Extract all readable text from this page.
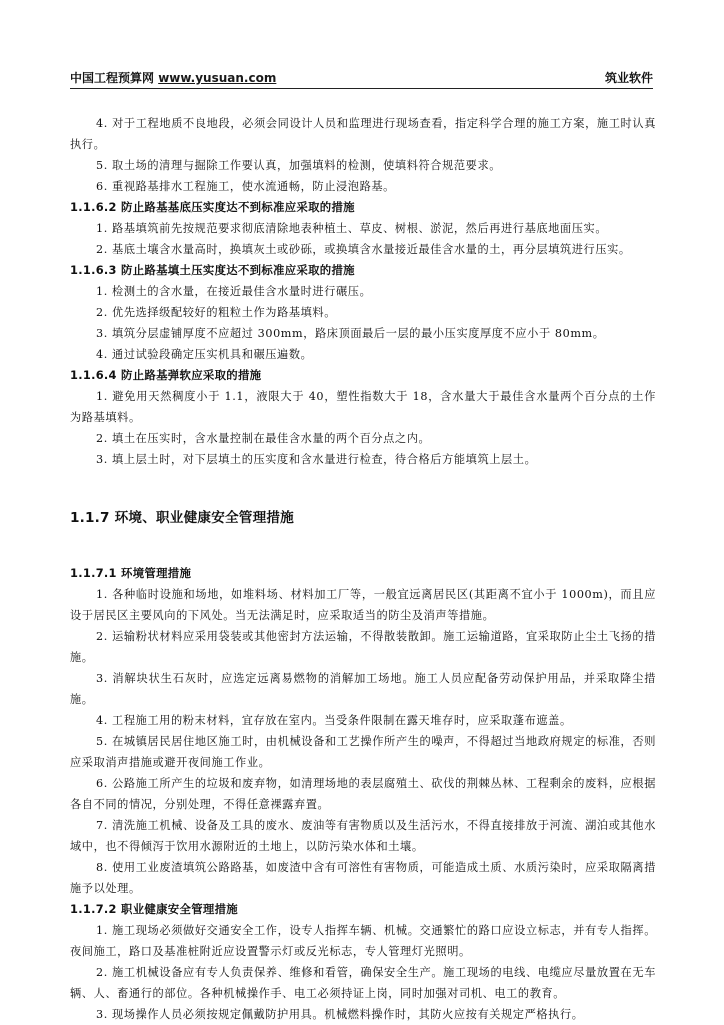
中国工程预算网 www.yusuan.com	筑业软件

4. 对于工程地质不良地段，必须会同设计人员和监理进行现场查看，指定科学合理的施工方案，施工时认真执行。

5. 取土场的清理与掘除工作要认真，加强填料的检测，使填料符合规范要求。

6. 重视路基排水工程施工，使水流通畅，防止浸泡路基。

1.1.6.2 防止路基基底压实度达不到标准应采取的措施

1. 路基填筑前先按规范要求彻底清除地表种植土、草皮、树根、淤泥，然后再进行基底地面压实。

2. 基底土壤含水量高时，换填灰土或砂砾，或换填含水量接近最佳含水量的土，再分层填筑进行压实。

1.1.6.3 防止路基填土压实度达不到标准应采取的措施

1. 检测土的含水量，在接近最佳含水量时进行碾压。

2. 优先选择级配较好的粗粒土作为路基填料。

3. 填筑分层虚铺厚度不应超过 300mm，路床顶面最后一层的最小压实度厚度不应小于 80mm。

4. 通过试验段确定压实机具和碾压遍数。

1.1.6.4 防止路基弹软应采取的措施

1. 避免用天然稠度小于 1.1，液限大于 40，塑性指数大于 18，含水量大于最佳含水量两个百分点的土作为路基填料。

2. 填土在压实时，含水量控制在最佳含水量的两个百分点之内。

3. 填上层土时，对下层填土的压实度和含水量进行检查，待合格后方能填筑上层土。

1.1.7 环境、职业健康安全管理措施

1.1.7.1 环境管理措施

1. 各种临时设施和场地，如堆料场、材料加工厂等，一般宜远离居民区(其距离不宜小于 1000m)，而且应设于居民区主要风向的下风处。当无法满足时，应采取适当的防尘及消声等措施。

2. 运输粉状材料应采用袋装或其他密封方法运输，不得散装散卸。施工运输道路，宜采取防止尘土飞扬的措施。

3. 消解块状生石灰时，应选定远离易燃物的消解加工场地。施工人员应配备劳动保护用品，并采取降尘措施。

4. 工程施工用的粉末材料，宜存放在室内。当受条件限制在露天堆存时，应采取蓬布遮盖。

5. 在城镇居民居住地区施工时，由机械设备和工艺操作所产生的噪声，不得超过当地政府规定的标准，否则应采取消声措施或避开夜间施工作业。

6. 公路施工所产生的垃圾和废弃物，如清理场地的表层腐殖土、砍伐的荆棘丛林、工程剩余的废料，应根据各自不同的情况，分别处理，不得任意裸露弃置。

7. 清洗施工机械、设备及工具的废水、废油等有害物质以及生活污水，不得直接排放于河流、湖泊或其他水域中，也不得倾泻于饮用水源附近的土地上，以防污染水体和土壤。

8. 使用工业废渣填筑公路路基，如废渣中含有可溶性有害物质，可能造成土质、水质污染时，应采取隔离措施予以处理。

1.1.7.2 职业健康安全管理措施

1. 施工现场必须做好交通安全工作，设专人指挥车辆、机械。交通繁忙的路口应设立标志，并有专人指挥。夜间施工，路口及基准桩附近应设置警示灯或反光标志，专人管理灯光照明。

2. 施工机械设备应有专人负责保养、维修和看管，确保安全生产。施工现场的电线、电缆应尽量放置在无车辆、人、畜通行的部位。各种机械操作手、电工必须持证上岗，同时加强对司机、电工的教育。

3. 现场操作人员必须按规定佩戴防护用具。机械燃料操作时，其防火应按有关规定严格执行。
